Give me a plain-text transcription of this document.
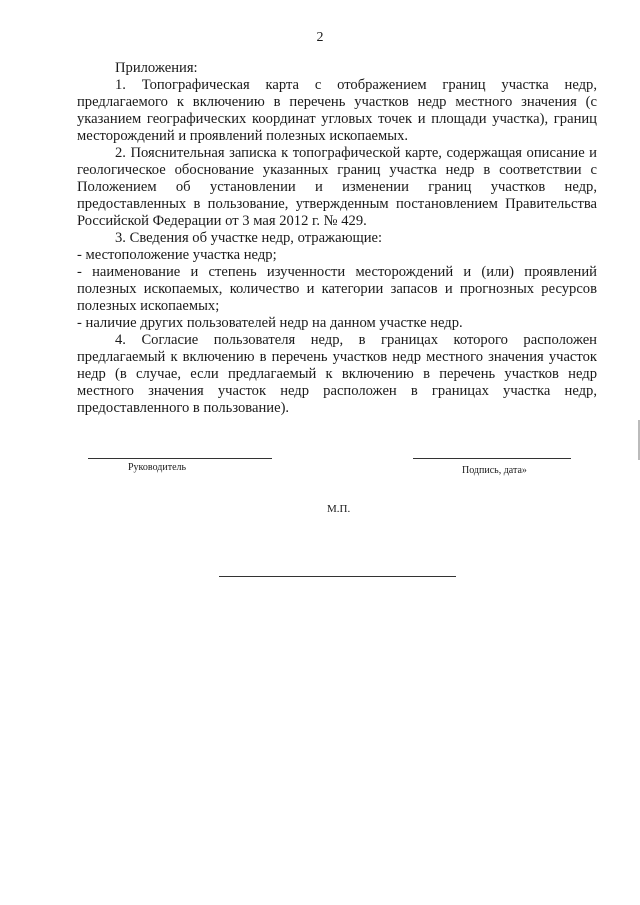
2

Приложения:

1. Топографическая карта с отображением границ участка недр, предлагаемого к включению в перечень участков недр местного значения (с указанием географических координат угловых точек и площади участка), границ месторождений и проявлений полезных ископаемых.

2. Пояснительная записка к топографической карте, содержащая описание и геологическое обоснование указанных границ участка недр в соответствии с Положением об установлении и изменении границ участков недр, предоставленных в пользование, утвержденным постановлением Правительства Российской Федерации от 3 мая 2012 г. № 429.

3. Сведения об участке недр, отражающие:

- местоположение участка недр;

- наименование и степень изученности месторождений и (или) проявлений полезных ископаемых, количество и категории запасов и прогнозных ресурсов полезных ископаемых;

- наличие других пользователей недр на данном участке недр.

4. Согласие пользователя недр, в границах которого расположен предлагаемый к включению в перечень участков недр местного значения участок недр (в случае, если предлагаемый к включению в перечень участков недр местного значения участок недр расположен в границах участка недр, предоставленного в пользование).

Руководитель	Подпись, дата»
М.П.
